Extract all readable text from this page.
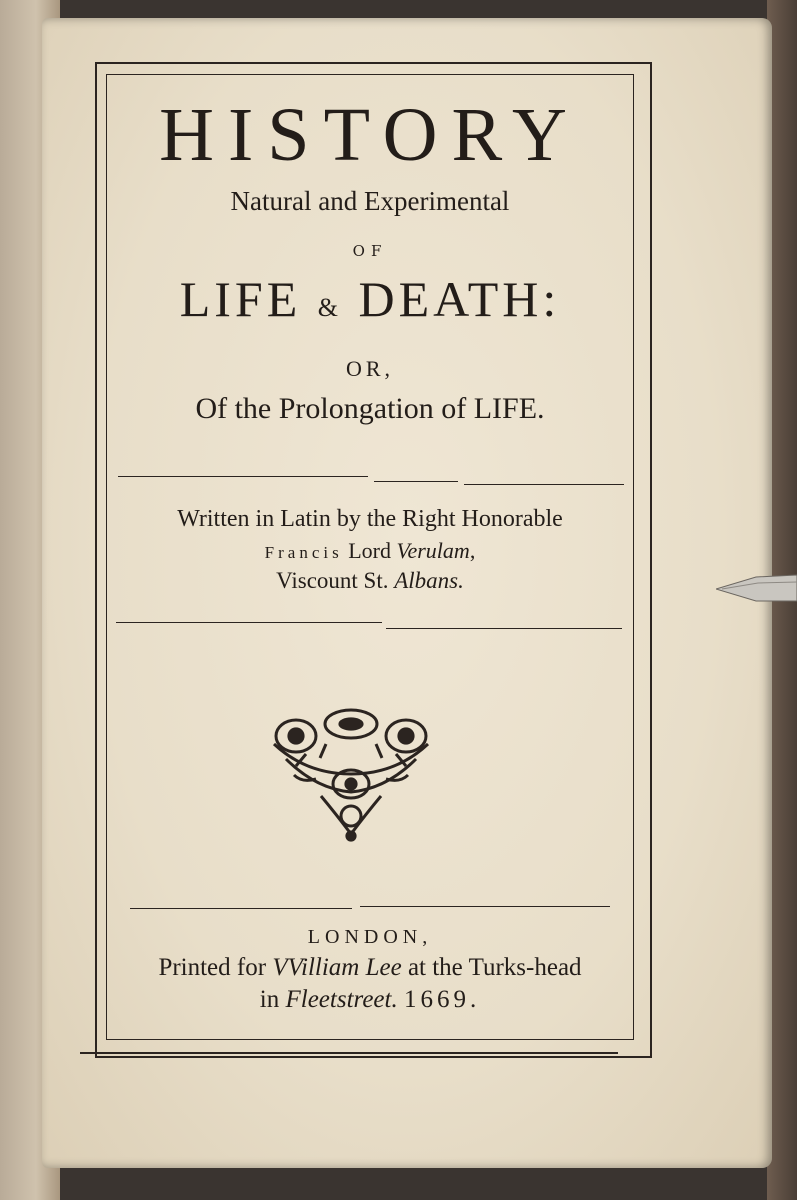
HISTORY
Natural and Experimental
OF
LIFE & DEATH:
OR,
Of the Prolongation of LIFE.
Written in Latin by the Right Honorable
Francis Lord Verulam,
Viscount St. Albans.
LONDON,
Printed for VVilliam Lee at the Turks-head
in Fleetstreet. 1669.
